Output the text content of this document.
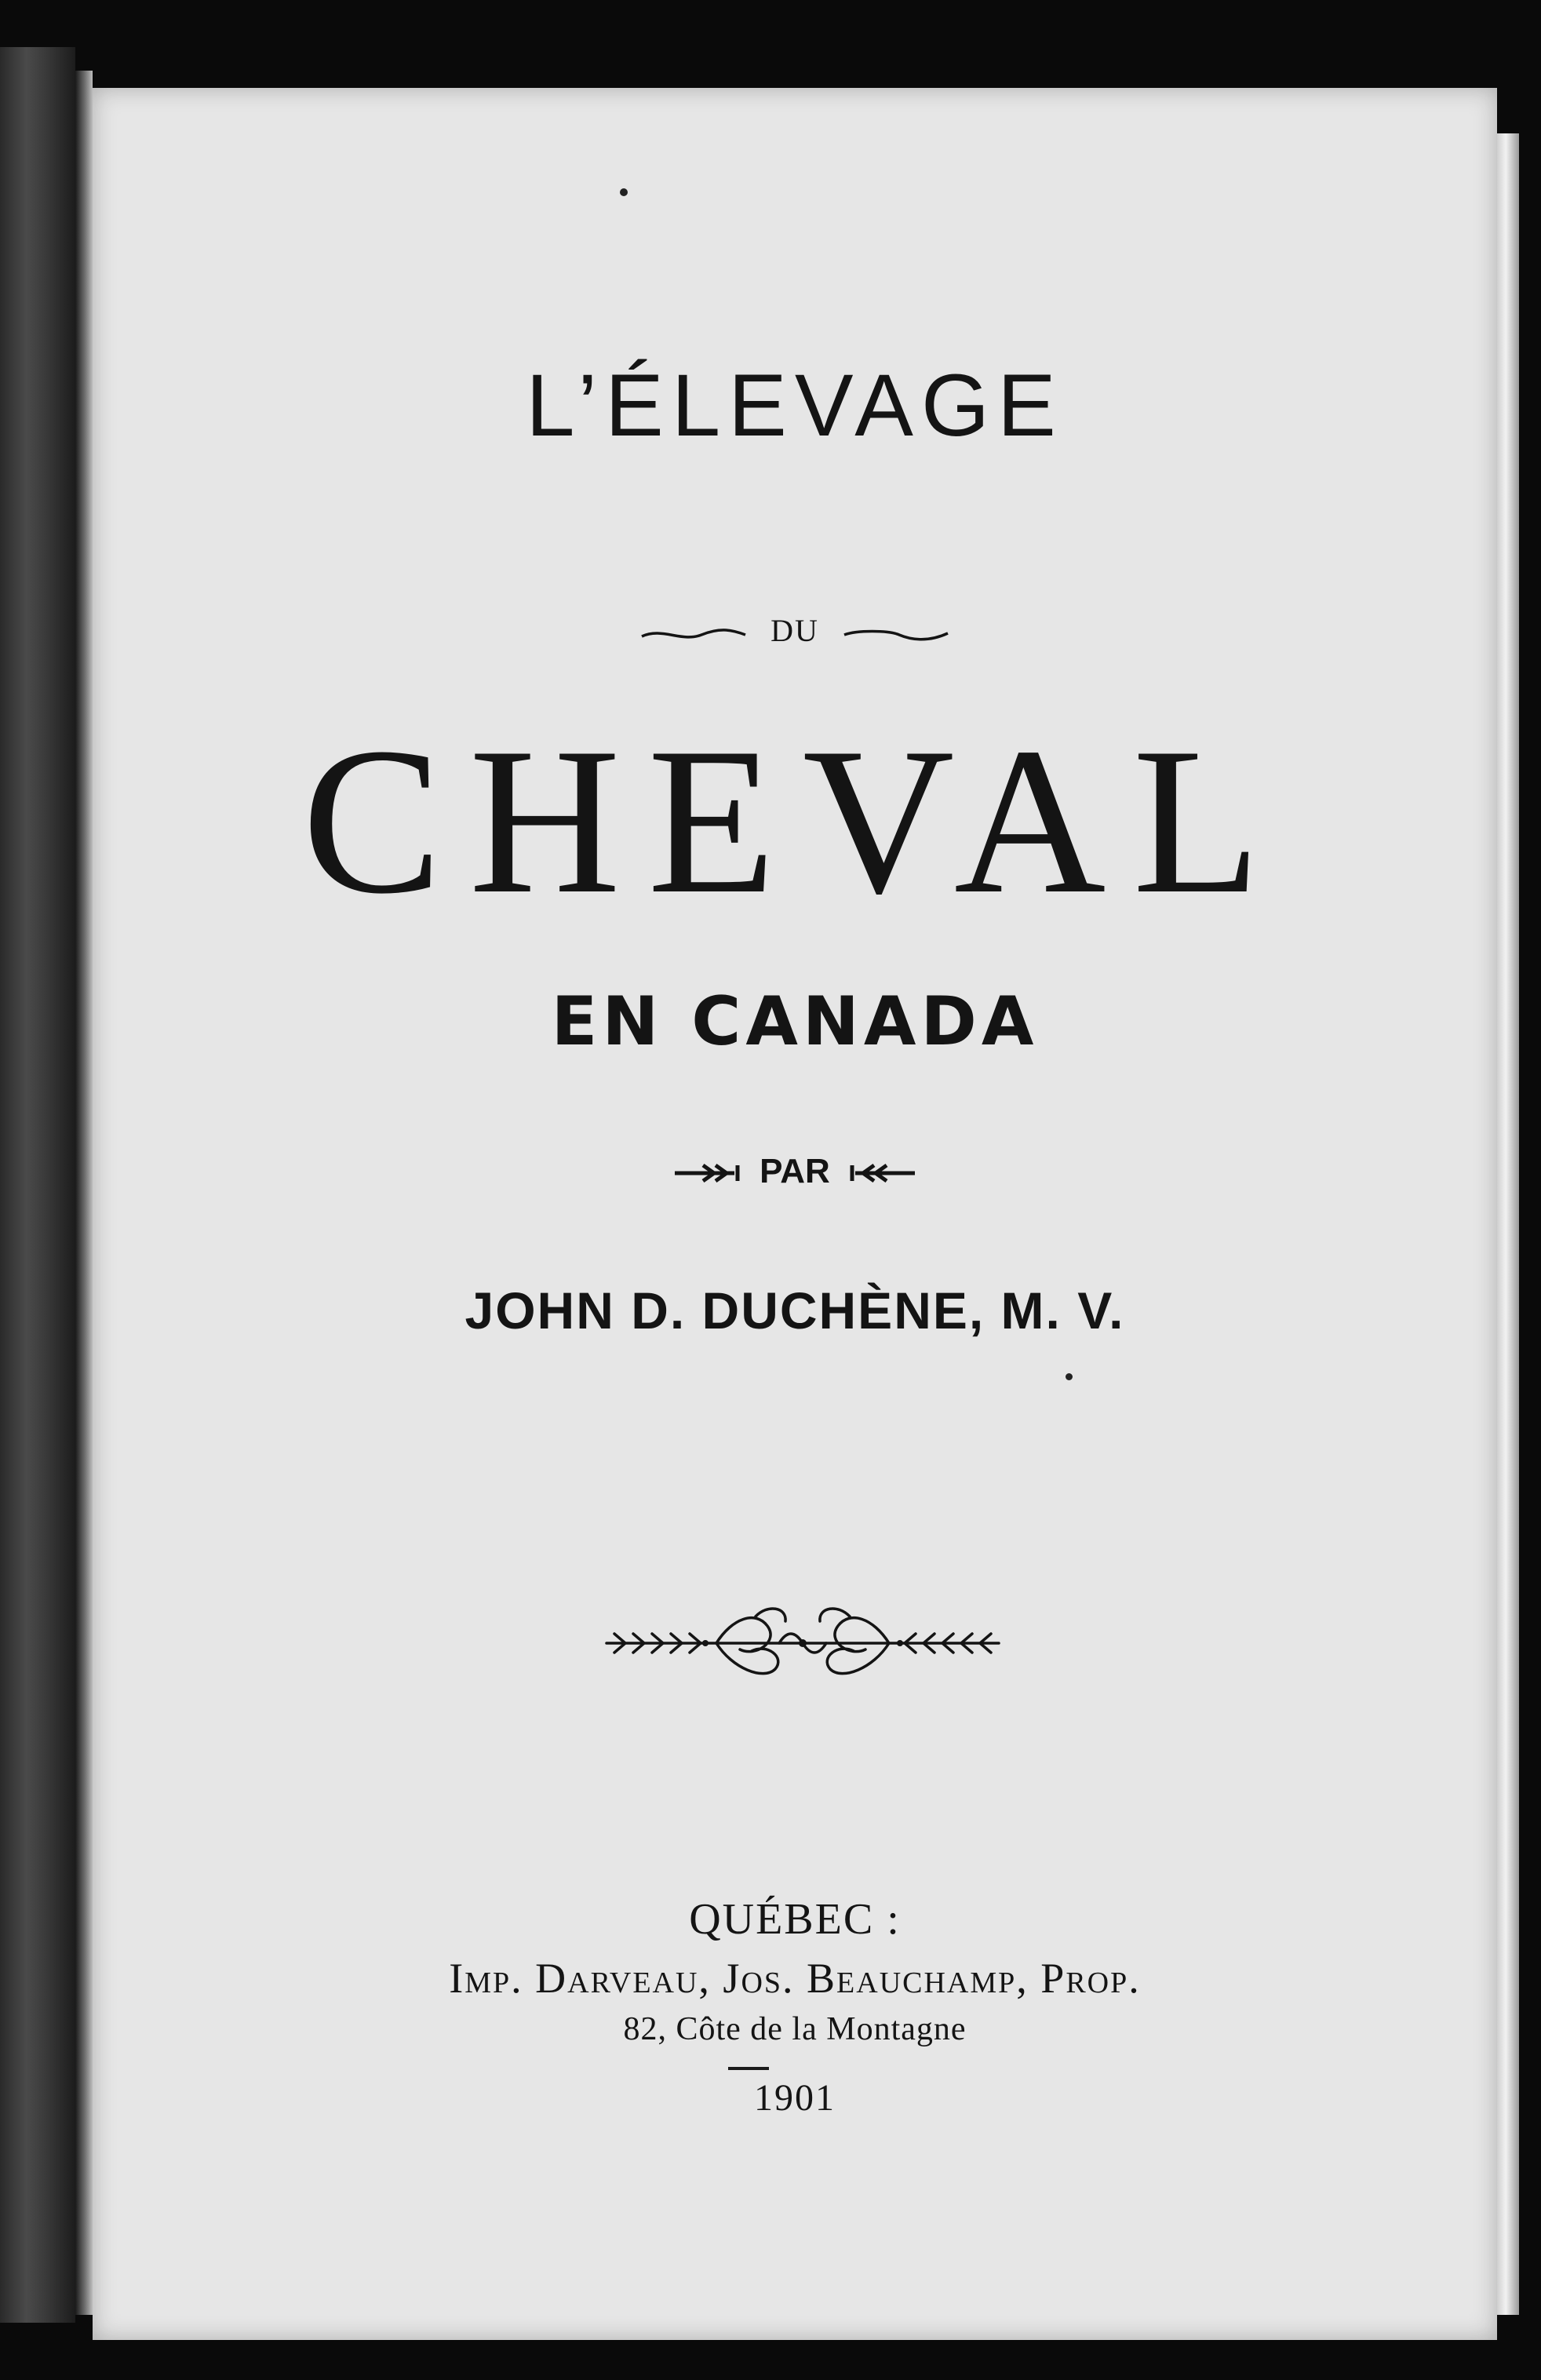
L’ÉLEVAGE
DU
CHEVAL
EN CANADA
PAR
JOHN D. DUCHÈNE, M. V.
QUÉBEC :
Imp. Darveau, Jos. Beauchamp, Prop.
82, Côte de la Montagne
1901
